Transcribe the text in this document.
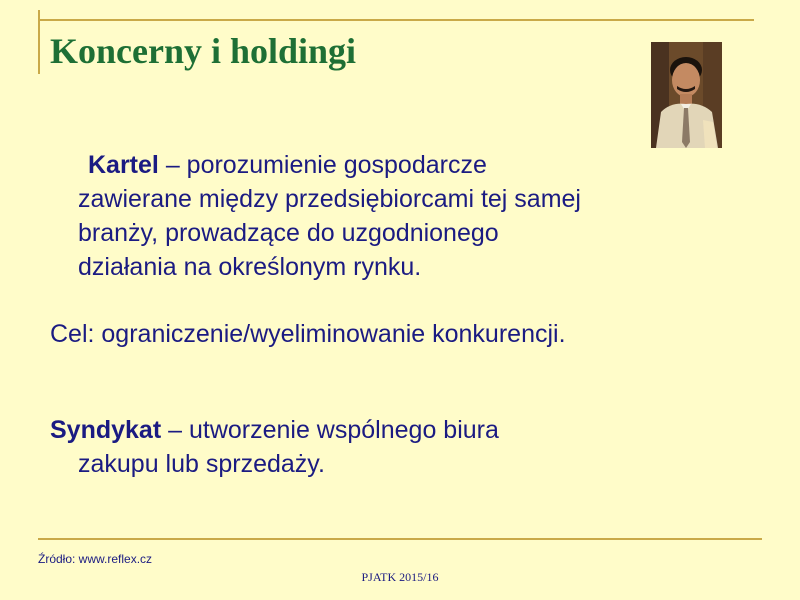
Koncerny i holdingi

Kartel – porozumienie gospodarcze
zawierane między przedsiębiorcami tej samej
branży, prowadzące do uzgodnionego
działania na określonym rynku.

Cel: ograniczenie/wyeliminowanie konkurencji.

Syndykat – utworzenie wspólnego biura
zakupu lub sprzedaży.

Źródło: www.reflex.cz

PJATK 2015/16
